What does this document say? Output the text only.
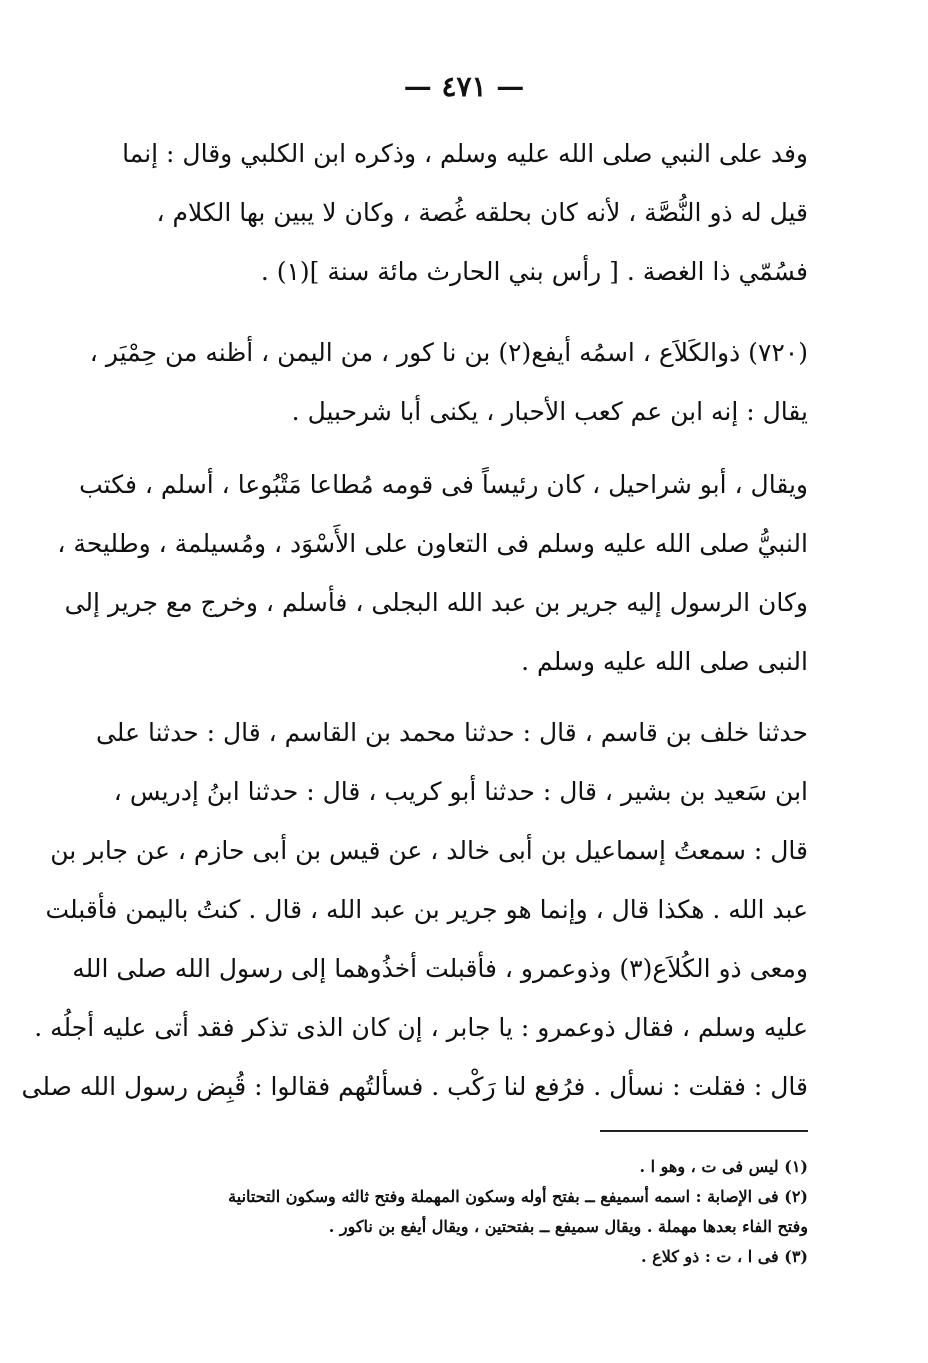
— ٤٧١ —
وفد على النبي صلى الله عليه وسلم ، وذكره ابن الكلبي وقال : إنما
قيل له ذو النُّصَّة ، لأنه كان بحلقه غُصة ، وكان لا يبين بها الكلام ،
فسُمّي ذا الغصة . [ رأس بني الحارث مائة سنة ](١) .
(٧٢٠) ذوالكَلاَع ، اسمُه أيفع(٢) بن نا كور ، من اليمن ، أظنه من حِمْيَر ،
يقال : إنه ابن عم كعب الأحبار ، يكنى أبا شرحبيل .
ويقال ، أبو شراحيل ، كان رئيساً فى قومه مُطاعا مَتْبُوعا ، أسلم ، فكتب
النبيُّ صلى الله عليه وسلم فى التعاون على الأَسْوَد ، ومُسيلمة ، وطليحة ،
وكان الرسول إليه جرير بن عبد الله البجلى ، فأسلم ، وخرج مع جرير إلى
النبى صلى الله عليه وسلم .
حدثنا خلف بن قاسم ، قال : حدثنا محمد بن القاسم ، قال : حدثنا على
ابن سَعيد بن بشير ، قال : حدثنا أبو كريب ، قال : حدثنا ابنُ إدريس ،
قال : سمعتُ إسماعيل بن أبى خالد ، عن قيس بن أبى حازم ، عن جابر بن
عبد الله . هكذا قال ، وإنما هو جرير بن عبد الله ، قال . كنتُ باليمن فأقبلت
ومعى ذو الكُلاَع(٣) وذوعمرو ، فأقبلت أخذُوهما إلى رسول الله صلى الله
عليه وسلم ، فقال ذوعمرو : يا جابر ، إن كان الذى تذكر فقد أتى عليه أجلُه .
قال : فقلت : نسأل . فرُفع لنا رَكْب . فسألتُهم فقالوا : قُبِض رسول الله صلى
(١) ليس فى ت ، وهو ا .
(٢) فى الإصابة : اسمه أسميفع ــ بفتح أوله وسكون المهملة وفتح ثالثه وسكون التحتانية
وفتح الفاء بعدها مهملة . ويقال سميفع ــ بفتحتين ، ويقال أيفع بن ناكور .
(٣) فى ا ، ت : ذو كلاع .
